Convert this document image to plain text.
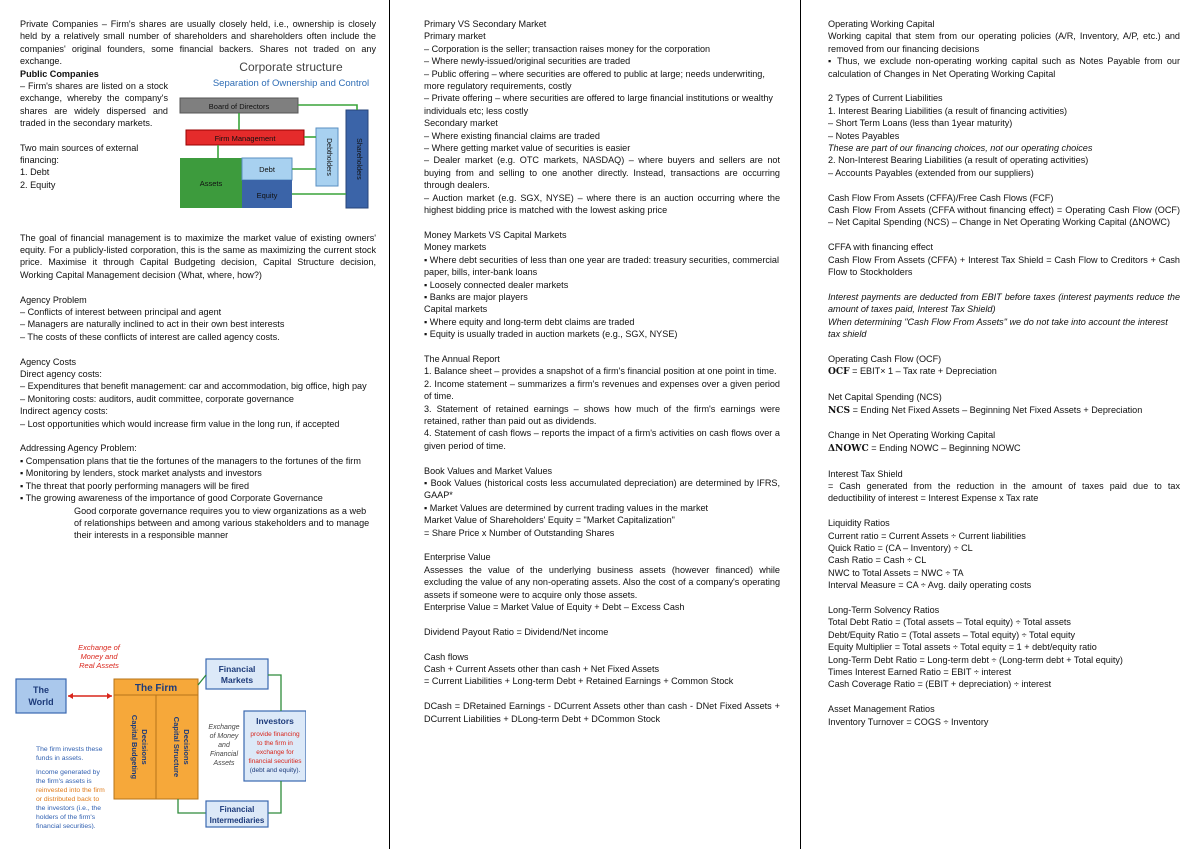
Private Companies – Firm's shares are usually closely held, i.e., ownership is closely held by a relatively small number of shareholders and shareholders often include the companies' original founders, some financial backers. Shares not traded on any exchange.

Public Companies

– Firm's shares are listed on a stock exchange, whereby the company's shares are widely dispersed and traded in the secondary markets.

Two main sources of external financing:

1. Debt

2. Equity

Corporate structure
Separation of Ownership and Control
Board of Directors
Firm Management
Assets
Debt
Equity
Debtholders	Shareholders

The goal of financial management is to maximize the market value of existing owners' equity. For a publicly-listed corporation, this is the same as maximizing the current stock price. Maximise it through Capital Budgeting decision, Capital Structure decision, Working Capital Management decision (What, where, how?)

Agency Problem

– Conflicts of interest between principal and agent

– Managers are naturally inclined to act in their own best interests

– The costs of these conflicts of interest are called agency costs.

Agency Costs

Direct agency costs:

– Expenditures that benefit management: car and accommodation, big office, high pay

– Monitoring costs: auditors, audit committee, corporate governance

Indirect agency costs:

– Lost opportunities which would increase firm value in the long run, if accepted

Addressing Agency Problem:

▪ Compensation plans that tie the fortunes of the managers to the fortunes of the firm

▪ Monitoring by lenders, stock market analysts and investors

▪ The threat that poorly performing managers will be fired

▪ The growing awareness of the importance of good Corporate Governance

Good corporate governance requires you to view organizations as a web of relationships between and among various stakeholders and to manage their interests in a responsible manner

Exchange of
Money and
Real Assets
The
World
The Firm
Capital Budgeting Decisions	Capital Structure Decisions
Financial
Markets
Exchange
of Money
and
Financial
Assets
Investors
provide financing
to the firm in
exchange for
financial securities
(debt and equity).
The firm invests these
funds in assets.
Income generated by
the firm's assets is
reinvested into the firm
or distributed back to
the investors (i.e., the
holders of the firm's
financial securities).
Financial
Intermediaries

Primary VS Secondary Market

Primary market

– Corporation is the seller; transaction raises money for the corporation

– Where newly-issued/original securities are traded

– Public offering – where securities are offered to public at large; needs underwriting, more regulatory requirements, costly

– Private offering – where securities are offered to large financial institutions or wealthy individuals etc; less costly

Secondary market

– Where existing financial claims are traded

– Where getting market value of securities is easier

– Dealer market (e.g. OTC markets, NASDAQ) – where buyers and sellers are not buying from and selling to one another directly. Instead, transactions are occurring through dealers.

– Auction market (e.g. SGX, NYSE) – where there is an auction occurring where the highest bidding price is matched with the lowest asking price

Money Markets VS Capital Markets

Money markets

▪ Where debt securities of less than one year are traded: treasury securities, commercial paper, bills, inter-bank loans

▪ Loosely connected dealer markets

▪ Banks are major players

Capital markets

▪ Where equity and long-term debt claims are traded

▪ Equity is usually traded in auction markets (e.g., SGX, NYSE)

The Annual Report

1. Balance sheet – provides a snapshot of a firm's financial position at one point in time.

2. Income statement – summarizes a firm's revenues and expenses over a given period of time.

3. Statement of retained earnings – shows how much of the firm's earnings were retained, rather than paid out as dividends.

4. Statement of cash flows – reports the impact of a firm's activities on cash flows over a given period of time.

Book Values and Market Values

▪ Book Values (historical costs less accumulated depreciation) are determined by IFRS, GAAP*

▪ Market Values are determined by current trading values in the market

Market Value of Shareholders' Equity = "Market Capitalization"

= Share Price x Number of Outstanding Shares

Enterprise Value

Assesses the value of the underlying business assets (however financed) while excluding the value of any non-operating assets. Also the cost of a company's operating assets if someone were to acquire only those assets.

Enterprise Value = Market Value of Equity + Debt – Excess Cash

Dividend Payout Ratio = Dividend/Net income

Cash flows

Cash + Current Assets other than cash + Net Fixed Assets

= Current Liabilities + Long-term Debt + Retained Earnings + Common Stock

DCash = DRetained Earnings - DCurrent Assets other than cash - DNet Fixed Assets + DCurrent Liabilities + DLong-term Debt + DCommon Stock

Operating Working Capital

Working capital that stem from our operating policies (A/R, Inventory, A/P, etc.) and removed from our financing decisions

▪ Thus, we exclude non-operating working capital such as Notes Payable from our calculation of Changes in Net Operating Working Capital

2 Types of Current Liabilities

1. Interest Bearing Liabilities (a result of financing activities)

– Short Term Loans (less than 1year maturity)

– Notes Payables

These are part of our financing choices, not our operating choices

2. Non-Interest Bearing Liabilities (a result of operating activities)

– Accounts Payables (extended from our suppliers)

Cash Flow From Assets (CFFA)/Free Cash Flows (FCF)

Cash Flow From Assets (CFFA without financing effect) = Operating Cash Flow (OCF) – Net Capital Spending (NCS) – Change in Net Operating Working Capital (ΔNOWC)

CFFA with financing effect

Cash Flow From Assets (CFFA) + Interest Tax Shield = Cash Flow to Creditors + Cash Flow to Stockholders

Interest payments are deducted from EBIT before taxes (interest payments reduce the amount of taxes paid, Interest Tax Shield)

When determining "Cash Flow From Assets" we do not take into account the interest tax shield

Operating Cash Flow (OCF)

OCF = EBIT× 1 – Tax rate + Depreciation

Net Capital Spending (NCS)

NCS = Ending Net Fixed Assets – Beginning Net Fixed Assets + Depreciation

Change in Net Operating Working Capital

ΔNOWC = Ending NOWC – Beginning NOWC

Interest Tax Shield

= Cash generated from the reduction in the amount of taxes paid due to tax deductibility of interest = Interest Expense x Tax rate

Liquidity Ratios

Current ratio = Current Assets ÷ Current liabilities

Quick Ratio = (CA – Inventory) ÷ CL

Cash Ratio = Cash ÷ CL

NWC to Total Assets = NWC ÷ TA

Interval Measure = CA ÷ Avg. daily operating costs

Long-Term Solvency Ratios

Total Debt Ratio = (Total assets – Total equity) ÷ Total assets

Debt/Equity Ratio = (Total assets – Total equity) ÷ Total equity

Equity Multiplier = Total assets ÷ Total equity = 1 + debt/equity ratio

Long-Term Debt Ratio = Long-term debt ÷ (Long-term debt + Total equity)

Times Interest Earned Ratio = EBIT ÷ interest

Cash Coverage Ratio = (EBIT + depreciation) ÷ interest

Asset Management Ratios

Inventory Turnover = COGS ÷ Inventory
